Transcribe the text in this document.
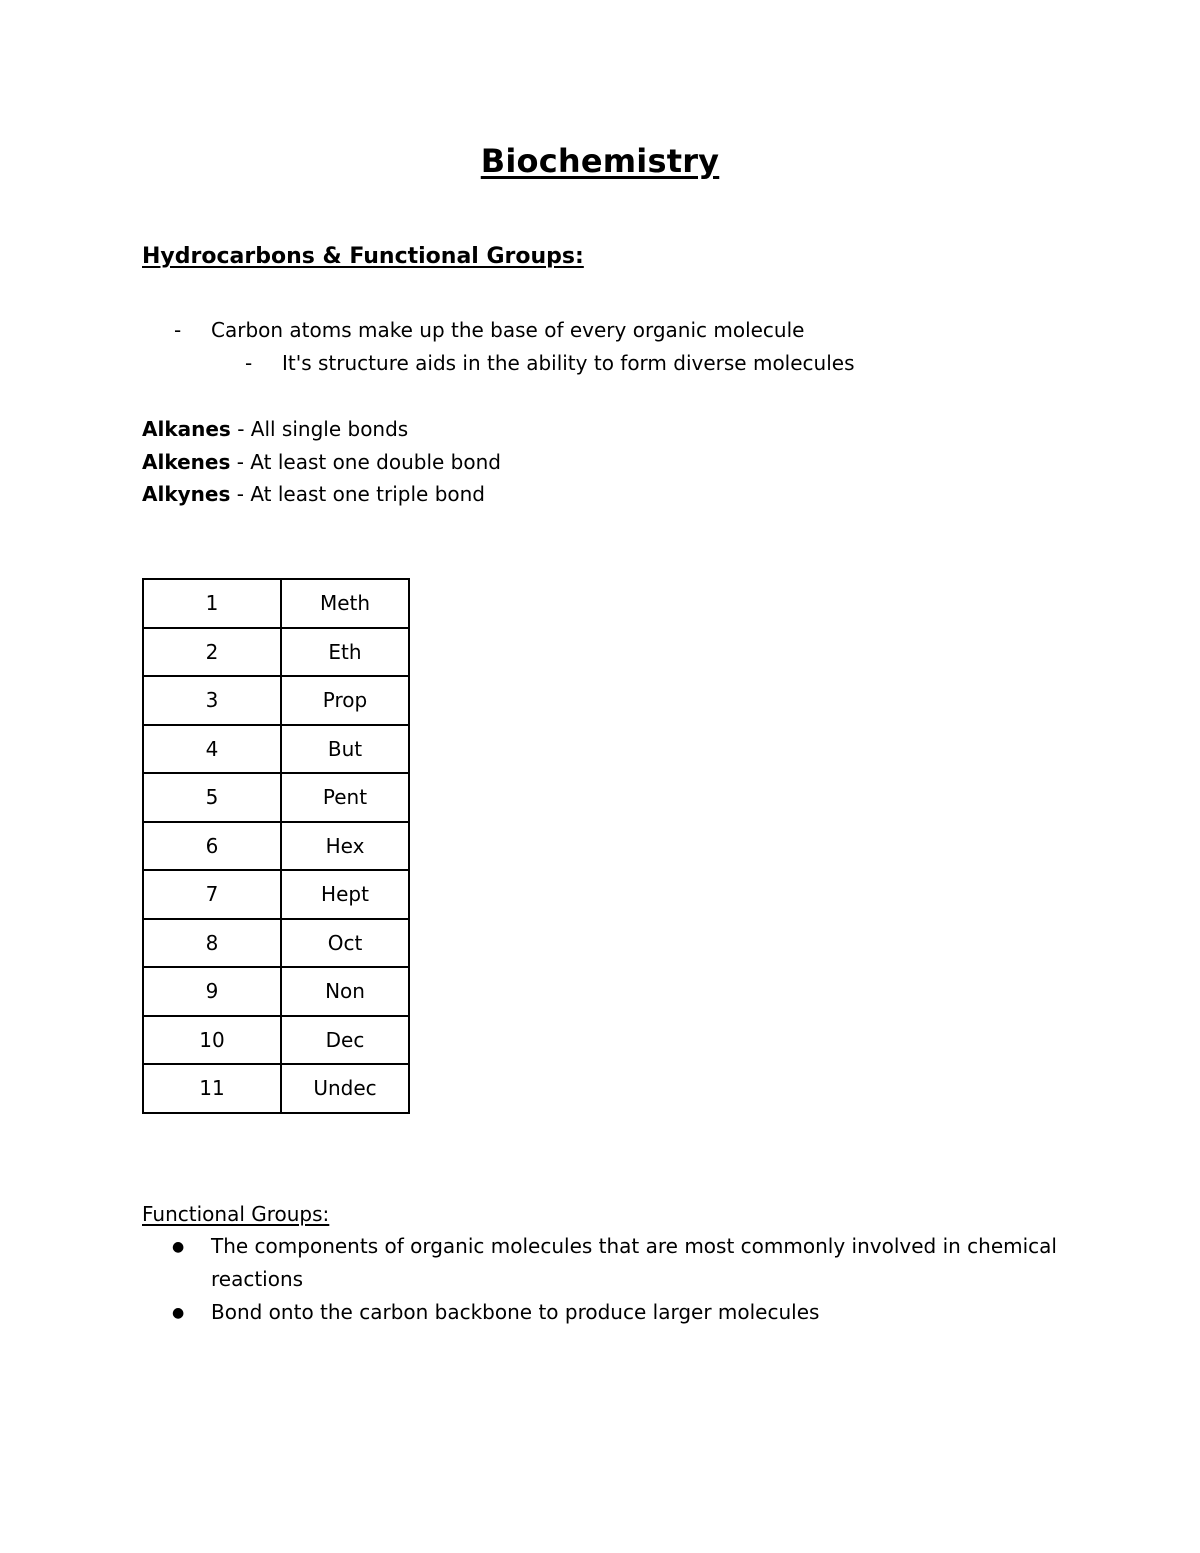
Biochemistry
Hydrocarbons & Functional Groups:
- Carbon atoms make up the base of every organic molecule

- It's structure aids in the ability to form diverse molecules

Alkanes - All single bonds
Alkenes - At least one double bond
Alkynes - At least one triple bond
1	Meth
2	Eth
3	Prop
4	But
5	Pent
6	Hex
7	Hept
8	Oct
9	Non
10	Dec
11	Undec
Functional Groups:
● The components of organic molecules that are most commonly involved in chemical reactions
● Bond onto the carbon backbone to produce larger molecules
